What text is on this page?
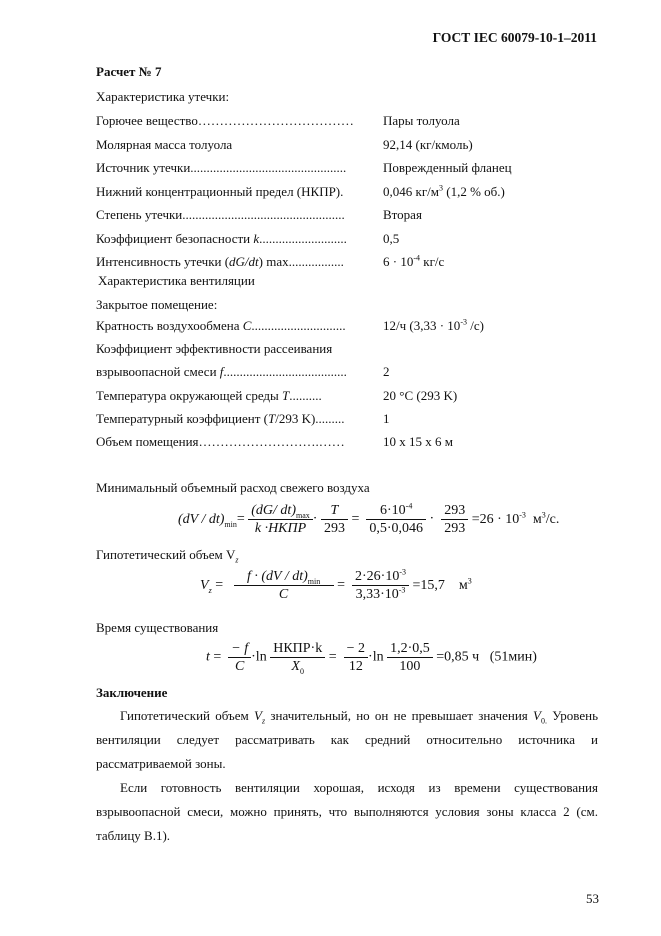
ГОСТ IEC 60079-10-1–2011
Расчет № 7
Характеристика утечки:
Горючее вещество……………………………… Пары толуола
Молярная масса толуола	92,14 (кг/кмоль)
Источник утечки................................................	Поврежденный фланец
Нижний концентрационный предел (НКПР).	0,046 $кг/м^3$ (1,2 % об.)
Степень утечки..................................................	Вторая
Коэффициент безопасности k...........................	0,5
Интенсивность утечки (dG/dt) max.................	$6 \cdot 10^{-4}$ кг/с
Характеристика вентиляции
Закрытое помещение:
Кратность воздухообмена C.............................	12/ч ($3,33 \cdot 10^{-3}$ /с)
Коэффициент эффективности рассеивания
взрывоопасной смеси f......................................	2
Температура окружающей среды T..........	20 °C (293 K)
Температурный коэффициент (T/293 K).........	1
Объем помещения……………………….……	10 x 15 x 6 м
Минимальный объемный расход свежего воздуха
$(dV / dt)_{min}= \frac{(dG/ dt)_{max}}{\text{k ·НКПР}} \cdot \frac{T}{293} = \frac{6\cdot 10^{-4}}{0,5\cdot 0,046} \cdot \frac{293}{293} =26 \cdot 10^{-3}$ $м^3/с$.
Гипотетический объем $V_z$
$V_z = \frac{f \cdot (dV / dt)_{min}}{C} = \frac{2\cdot 26\cdot 10^{-3}}{3,33\cdot 10^{-3}} =15,7$ $м^3$
Время существования
$t = \frac{- f}{C} \cdot\ln \frac{\text{НКПР·k}}{X_0} = \frac{- 2}{12} \cdot\ln \frac{1,2\cdot 0,5}{100} =0,85$ ч (51мин)
Заключение
Гипотетический объем $V_z$ значительный, но он не превышает значения $V_{0.}$ Уровень вентиляции следует рассматривать как средний относительно источника и рассматриваемой зоны.
Если готовность вентиляции хорошая, исходя из времени существования взрывоопасной смеси, можно принять, что выполняются условия зоны класса 2 (см. таблицу B.1).
53
